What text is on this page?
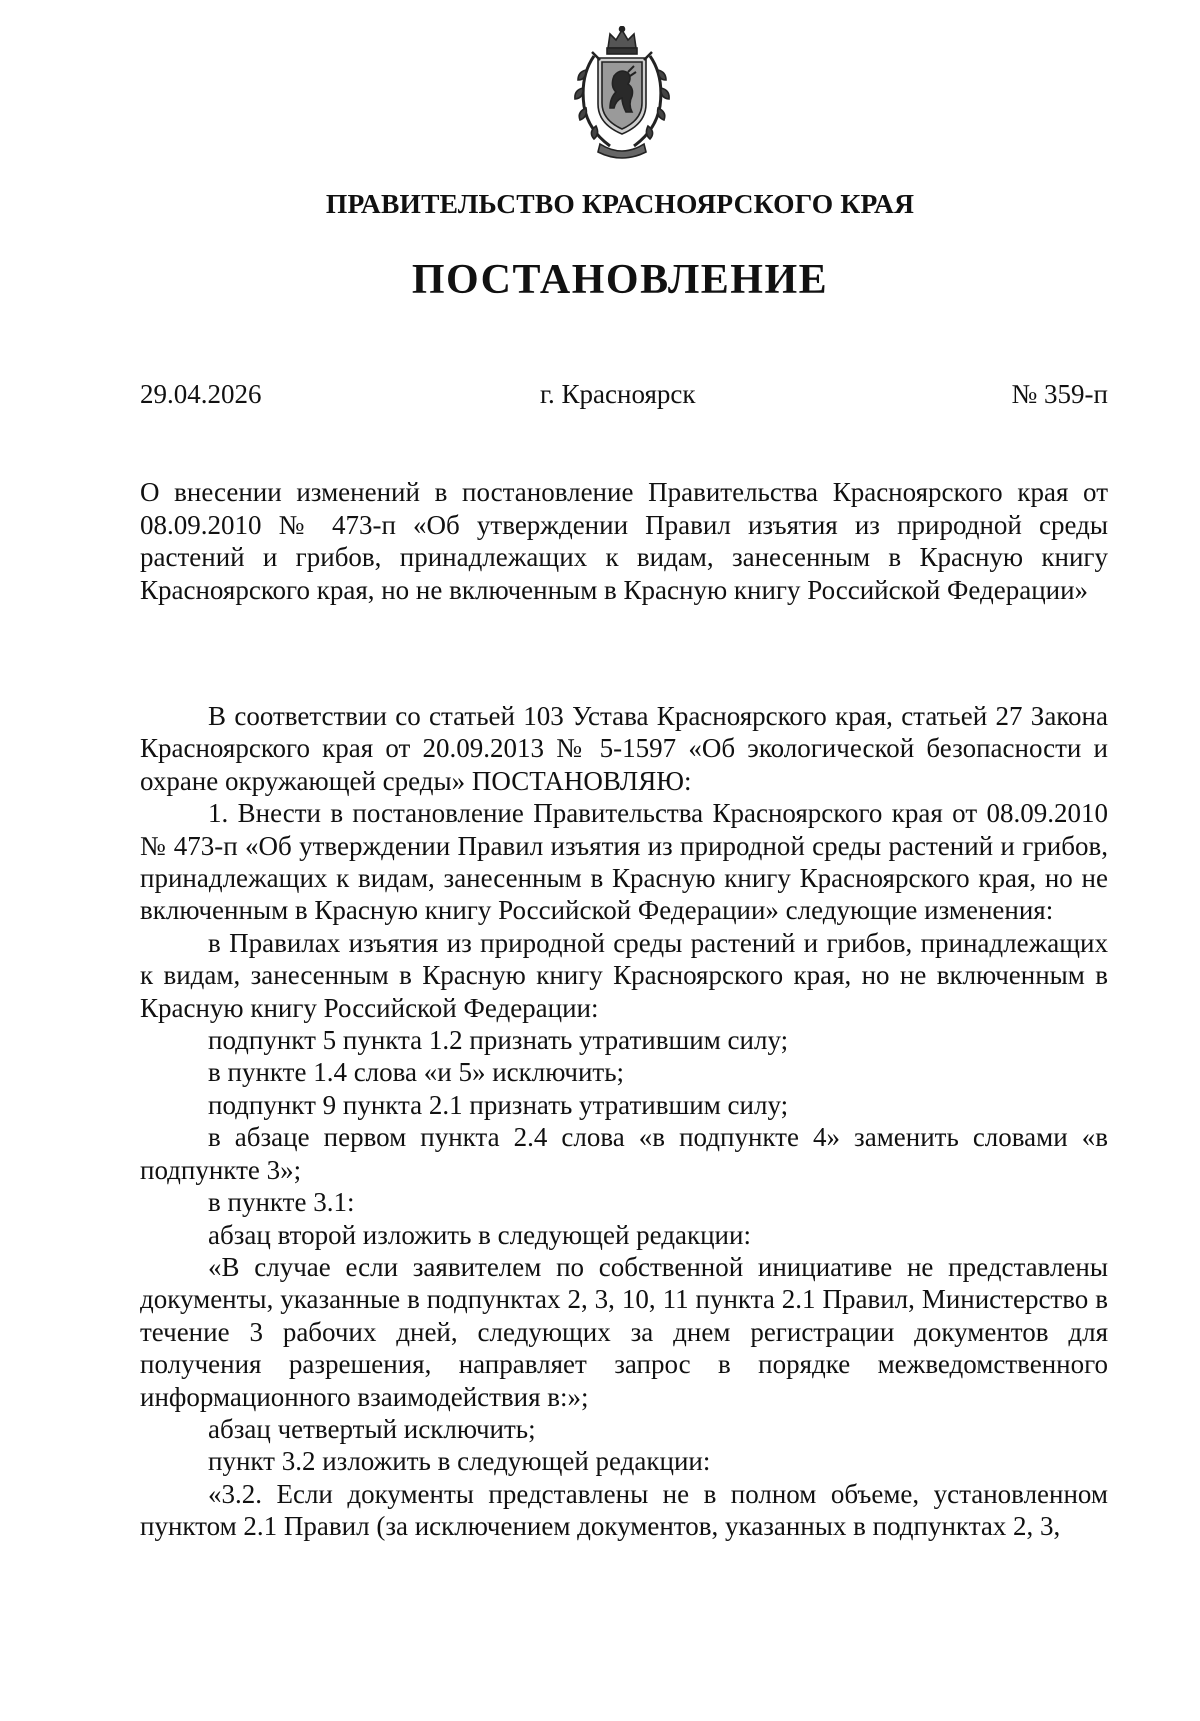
ПРАВИТЕЛЬСТВО КРАСНОЯРСКОГО КРАЯ
ПОСТАНОВЛЕНИЕ
29.04.2026	г. Красноярск	№ 359-п
О внесении изменений в постановление Правительства Красноярского края от 08.09.2010 № 473-п «Об утверждении Правил изъятия из природной среды растений и грибов, принадлежащих к видам, занесенным в Красную книгу Красноярского края, но не включенным в Красную книгу Российской Федерации»

В соответствии со статьей 103 Устава Красноярского края, статьей 27 Закона Красноярского края от 20.09.2013 № 5-1597 «Об экологической безопасности и охране окружающей среды» ПОСТАНОВЛЯЮ:

1. Внести в постановление Правительства Красноярского края от 08.09.2010 № 473-п «Об утверждении Правил изъятия из природной среды растений и грибов, принадлежащих к видам, занесенным в Красную книгу Красноярского края, но не включенным в Красную книгу Российской Федерации» следующие изменения:

в Правилах изъятия из природной среды растений и грибов, принадлежащих к видам, занесенным в Красную книгу Красноярского края, но не включенным в Красную книгу Российской Федерации:

подпункт 5 пункта 1.2 признать утратившим силу;

в пункте 1.4 слова «и 5» исключить;

подпункт 9 пункта 2.1 признать утратившим силу;

в абзаце первом пункта 2.4 слова «в подпункте 4» заменить словами «в подпункте 3»;

в пункте 3.1:

абзац второй изложить в следующей редакции:

«В случае если заявителем по собственной инициативе не представлены документы, указанные в подпунктах 2, 3, 10, 11 пункта 2.1 Правил, Министерство в течение 3 рабочих дней, следующих за днем регистрации документов для получения разрешения, направляет запрос в порядке межведомственного информационного взаимодействия в:»;

абзац четвертый исключить;

пункт 3.2 изложить в следующей редакции:

«3.2. Если документы представлены не в полном объеме, установленном пунктом 2.1 Правил (за исключением документов, указанных в подпунктах 2, 3,
